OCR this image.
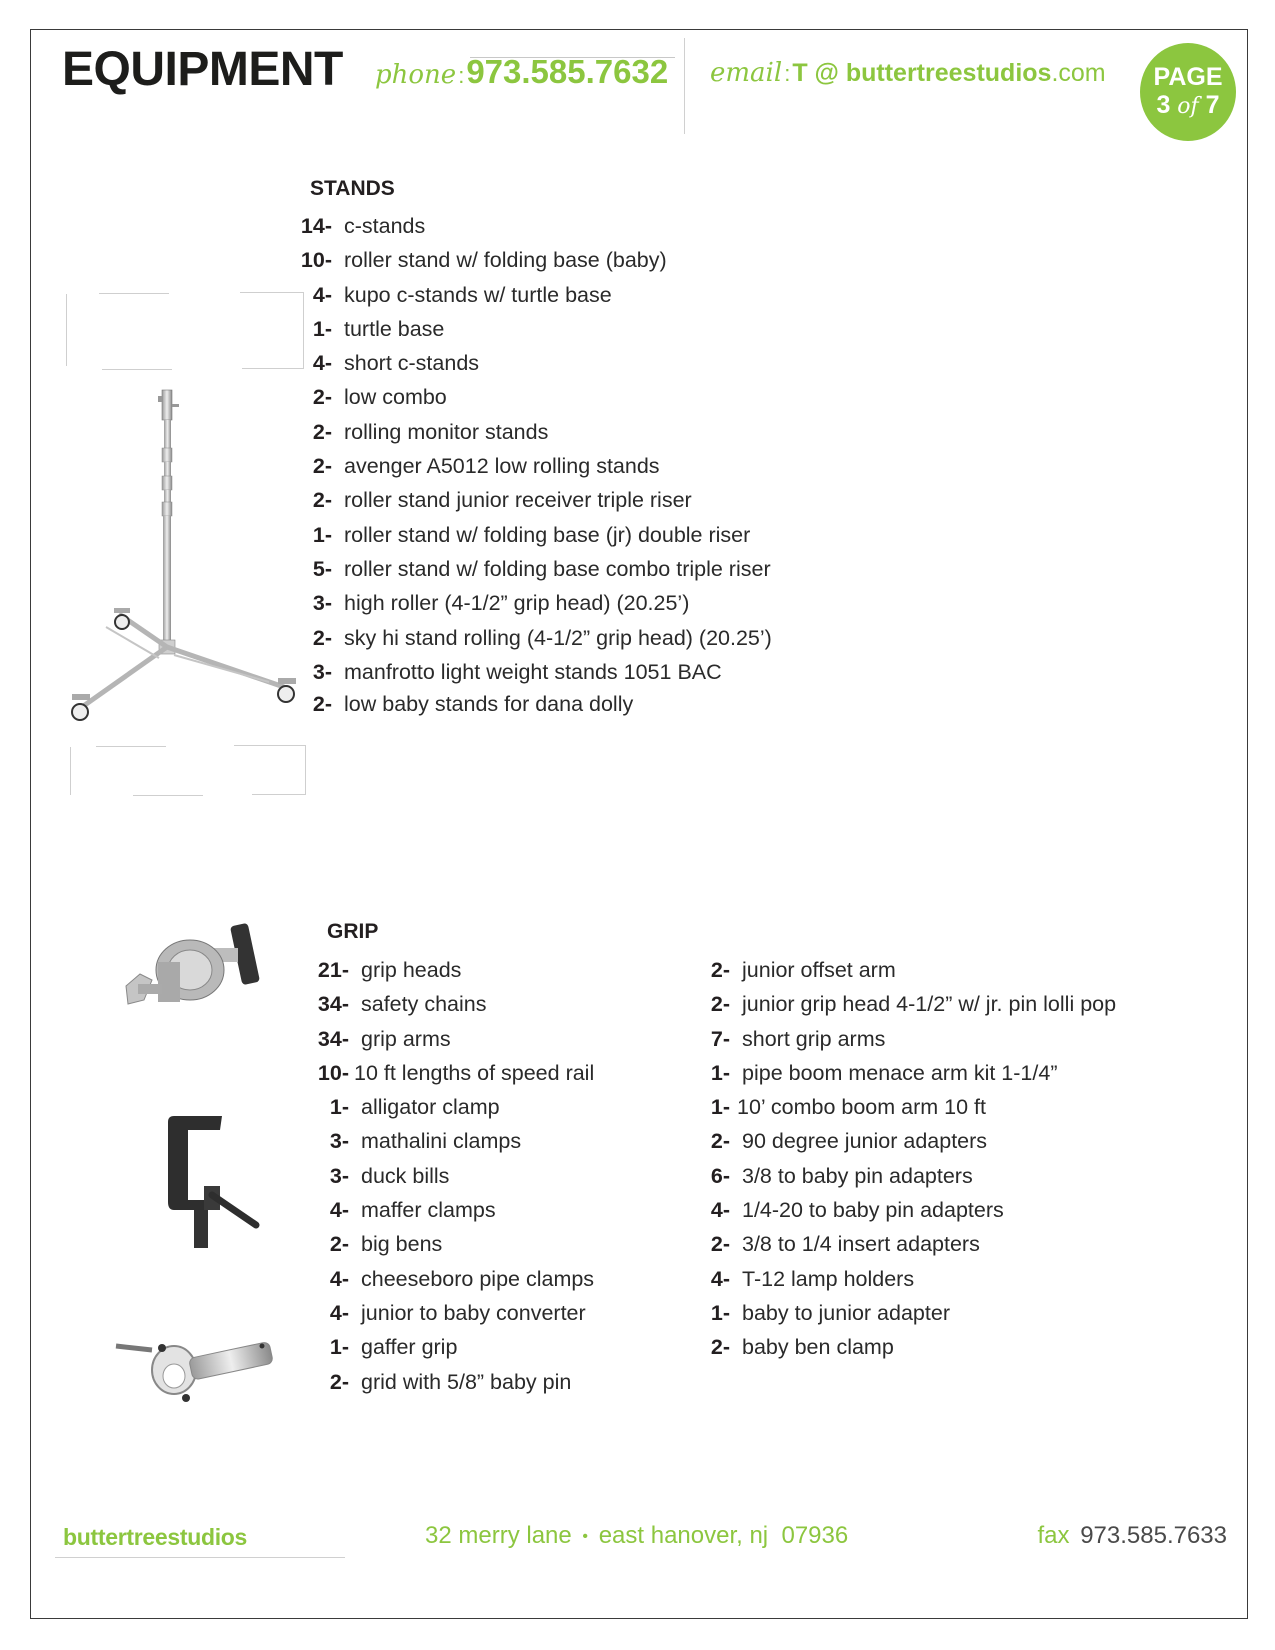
EQUIPMENT phone:973.585.7632 email:T @ buttertreestudios.com	PAGE
3 of 7
STANDS
14- c-stands
10- roller stand w/ folding base (baby)
4- kupo c-stands w/ turtle base
1- turtle base
4- short c-stands
2- low combo
2- rolling monitor stands
2- avenger A5012 low rolling stands
2- roller stand junior receiver triple riser
1- roller stand w/ folding base (jr) double riser
5- roller stand w/ folding base combo triple riser
3- high roller (4-1/2” grip head) (20.25’)
2- sky hi stand rolling (4-1/2” grip head) (20.25’)
3- manfrotto light weight stands 1051 BAC
2- low baby stands for dana dolly
GRIP
21- grip heads
34- safety chains
34- grip arms
10- 10 ft lengths of speed rail
1- alligator clamp
3- mathalini clamps
3- duck bills
4- maffer clamps
2- big bens
4- cheeseboro pipe clamps
4- junior to baby converter
1- gaffer grip
2- grid with 5/8” baby pin
2- junior offset arm
2- junior grip head 4-1/2” w/ jr. pin lolli pop
7- short grip arms
1- pipe boom menace arm kit 1-1/4”
1- 10’ combo boom arm 10 ft
2- 90 degree junior adapters
6- 3/8 to baby pin adapters
4- 1/4-20 to baby pin adapters
2- 3/8 to 1/4 insert adapters
4- T-12 lamp holders
1- baby to junior adapter
2- baby ben clamp
buttertreestudios	32 merry lane • east hanover, nj  07936	fax 973.585.7633
